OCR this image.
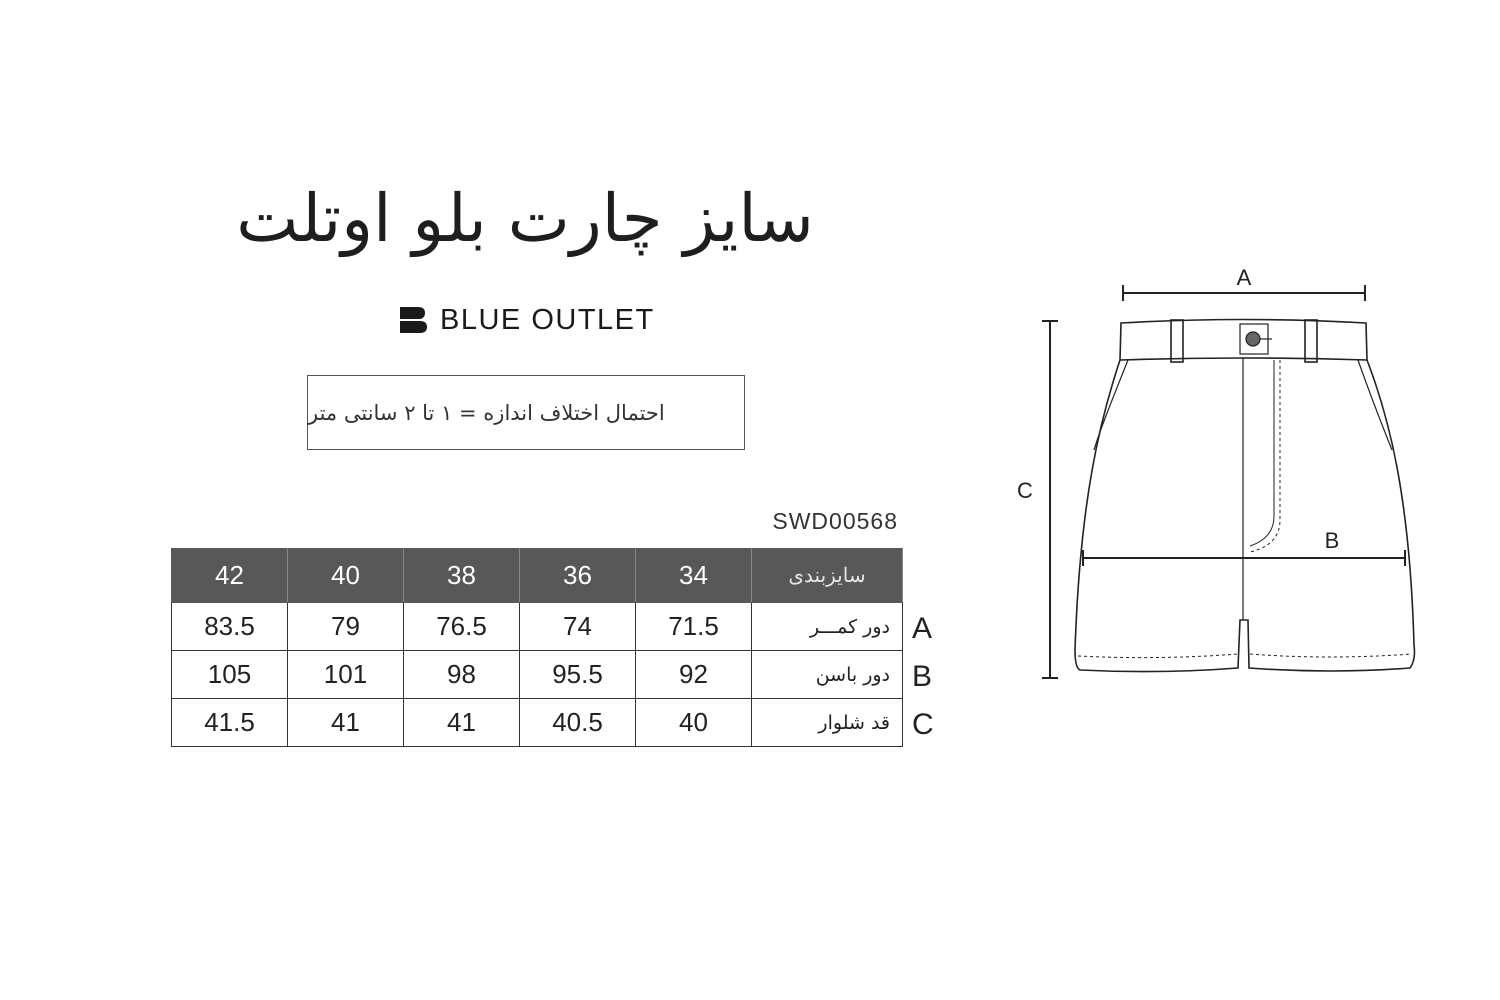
سایز چارت بلو اوتلت
BLUE OUTLET
احتمال اختلاف اندازه = ۱ تا ۲ سانتی متر
SWD00568
42	40	38	36	34	سایزبندی
83.5	79	76.5	74	71.5	دور کمـــر
105	101	98	95.5	92	دور باسن
41.5	41	41	40.5	40	قد شلوار
A
B
C
A
B
C
